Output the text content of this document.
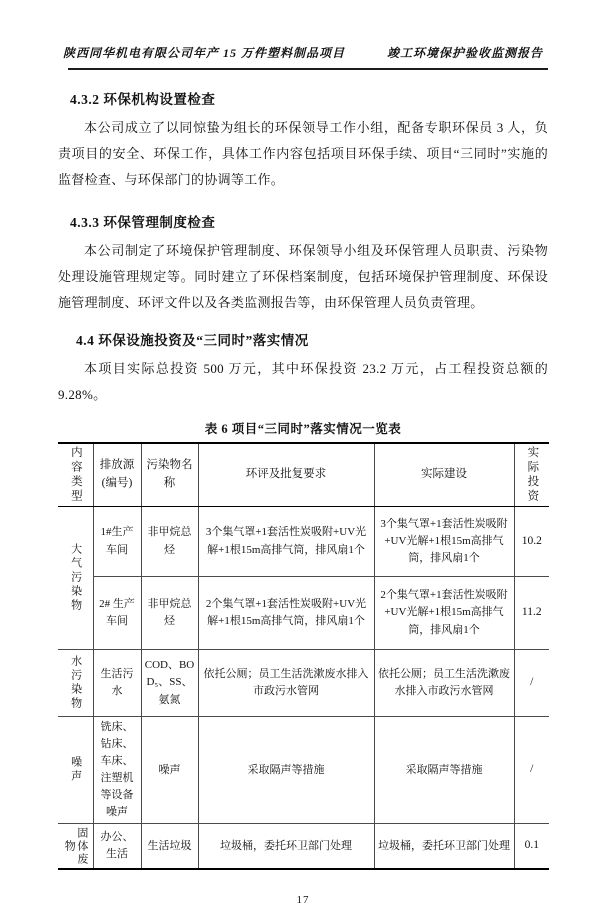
陕西同华机电有限公司年产 15 万件塑料制品项目	竣工环境保护验收监测报告
4.3.2 环保机构设置检查

本公司成立了以同惊蛰为组长的环保领导工作小组，配备专职环保员 3 人，负责项目的安全、环保工作，具体工作内容包括项目环保手续、项目“三同时”实施的监督检查、与环保部门的协调等工作。

4.3.3 环保管理制度检查

本公司制定了环境保护管理制度、环保领导小组及环保管理人员职责、污染物处理设施管理规定等。同时建立了环保档案制度，包括环境保护管理制度、环保设施管理制度、环评文件以及各类监测报告等，由环保管理人员负责管理。

4.4 环保设施投资及“三同时”落实情况

本项目实际总投资 500 万元，其中环保投资 23.2 万元，占工程投资总额的 9.28%。

表 6 项目“三同时”落实情况一览表
内容类型	排放源(编号)	污染物名称	环评及批复要求	实际建设	实际投资
大气污染物	1#生产车间	非甲烷总烃	3个集气罩+1套活性炭吸附+UV光解+1根15m高排气筒，排风扇1个	3个集气罩+1套活性炭吸附+UV光解+1根15m高排气筒，排风扇1个	10.2
	2# 生产车间	非甲烷总烃	2个集气罩+1套活性炭吸附+UV光解+1根15m高排气筒，排风扇1个	2个集气罩+1套活性炭吸附+UV光解+1根15m高排气筒，排风扇1个	11.2
水污染物	生活污水	COD、BOD₅、SS、氨氮	依托公厕；员工生活洗漱废水排入市政污水管网	依托公厕；员工生活洗漱废水排入市政污水管网	/
噪声	铣床、钻床、车床、注塑机等设备噪声	噪声	采取隔声等措施	采取隔声等措施	/
固体废物	办公、生活	生活垃圾	垃圾桶，委托环卫部门处理	垃圾桶，委托环卫部门处理	0.1
17
